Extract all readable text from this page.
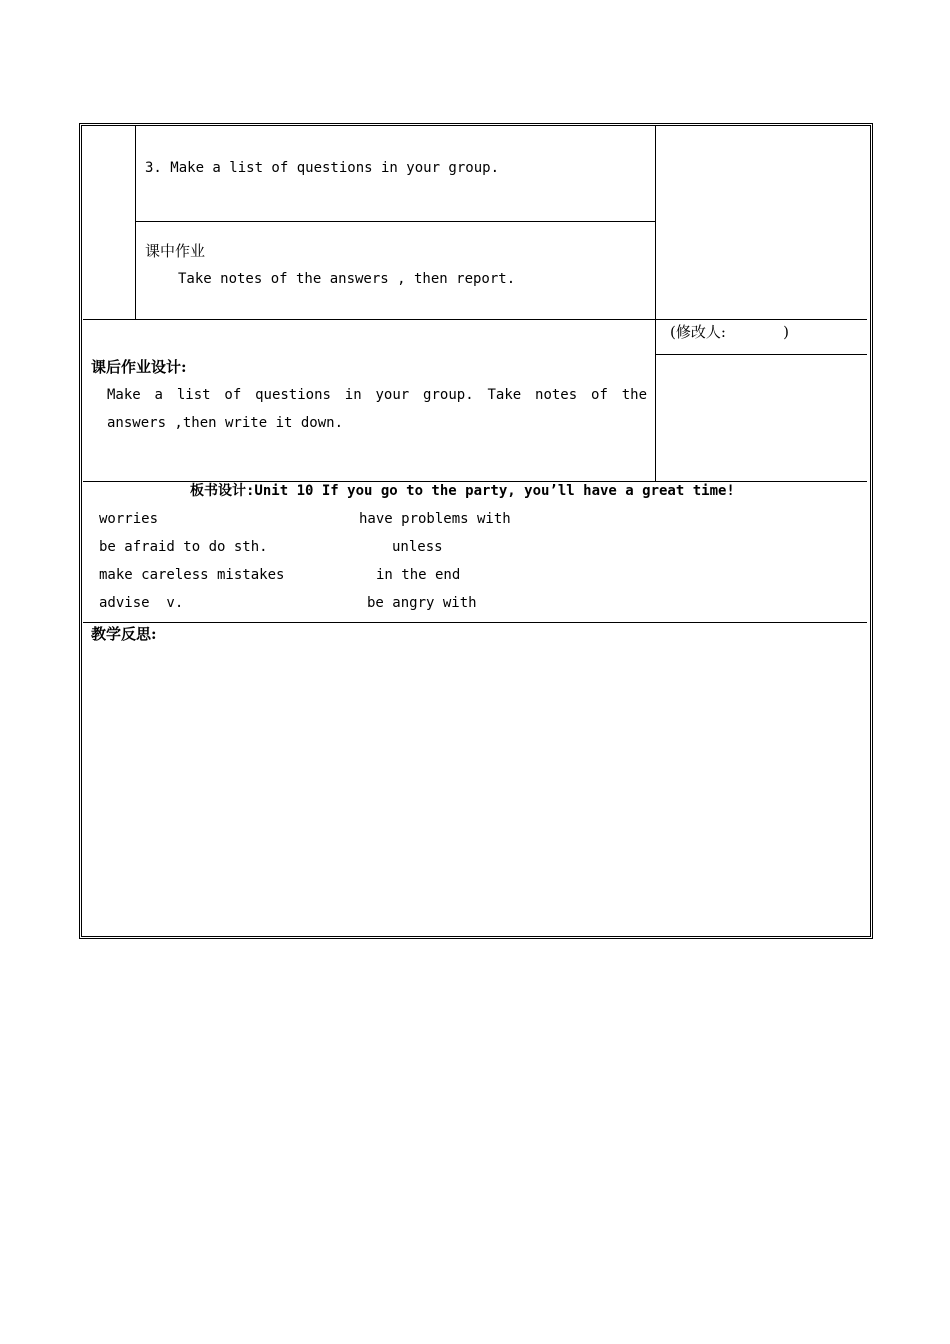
3. Make a list of questions in your group.
课中作业
Take notes of the answers , then report.
课后作业设计:
Make a list of questions in your group. Take notes of the answers ,then write it down.
(修改人:            )
板书设计:Unit 10 If you go to the party, you’ll have a great time!
worries
be afraid to do sth.
make careless mistakes
advise  v.
have problems with
unless
in the end
be angry with
教学反思:
